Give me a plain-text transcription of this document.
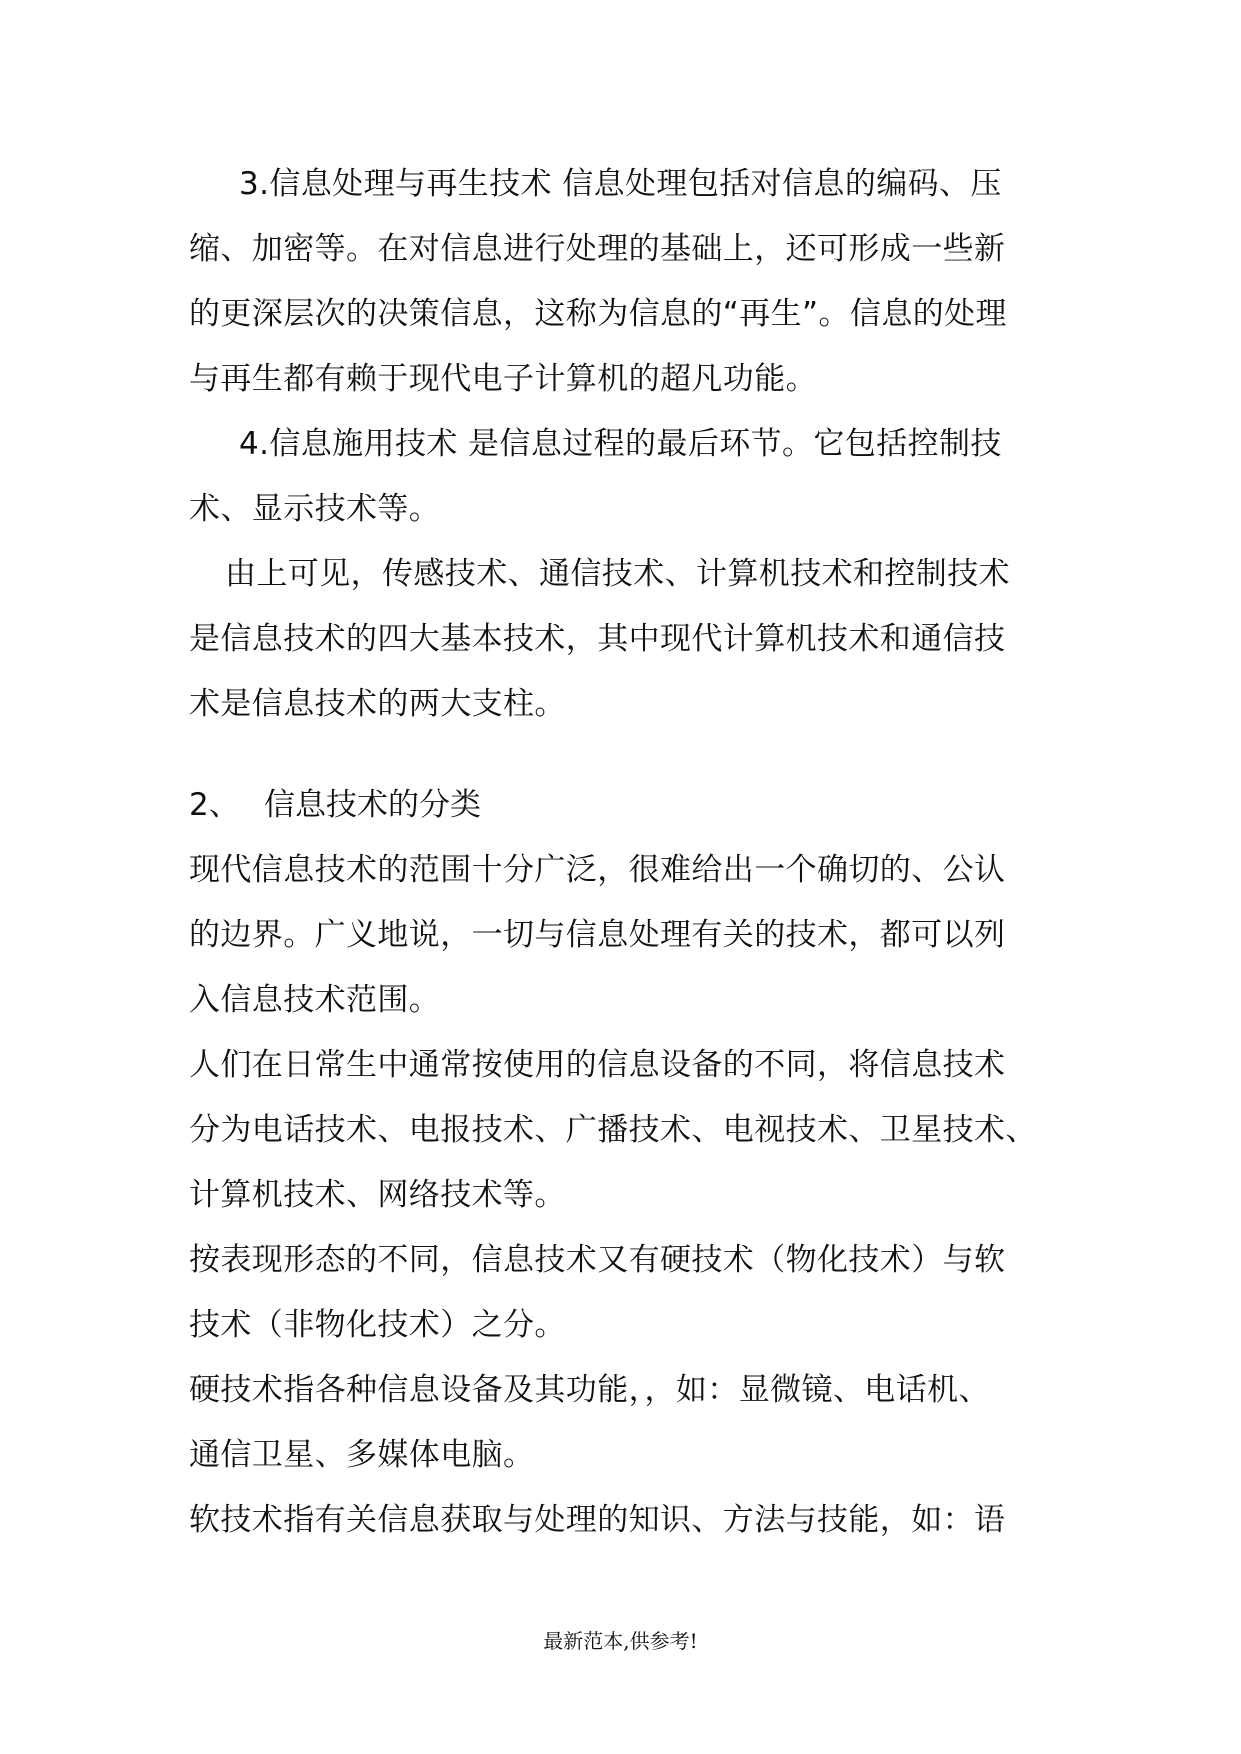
3.信息处理与再生技术 信息处理包括对信息的编码、压
缩、加密等。在对信息进行处理的基础上，还可形成一些新
的更深层次的决策信息，这称为信息的“再生”。信息的处理
与再生都有赖于现代电子计算机的超凡功能。
4.信息施用技术 是信息过程的最后环节。它包括控制技
术、显示技术等。
由上可见，传感技术、通信技术、计算机技术和控制技术
是信息技术的四大基本技术，其中现代计算机技术和通信技
术是信息技术的两大支柱。
2、 信息技术的分类
现代信息技术的范围十分广泛，很难给出一个确切的、公认
的边界。广义地说，一切与信息处理有关的技术，都可以列
入信息技术范围。
人们在日常生中通常按使用的信息设备的不同，将信息技术
分为电话技术、电报技术、广播技术、电视技术、卫星技术、
计算机技术、网络技术等。
按表现形态的不同，信息技术又有硬技术（物化技术）与软
技术（非物化技术）之分。
硬技术指各种信息设备及其功能，，如：显微镜、电话机、
通信卫星、多媒体电脑。
软技术指有关信息获取与处理的知识、方法与技能，如：语
最新范本,供参考!
